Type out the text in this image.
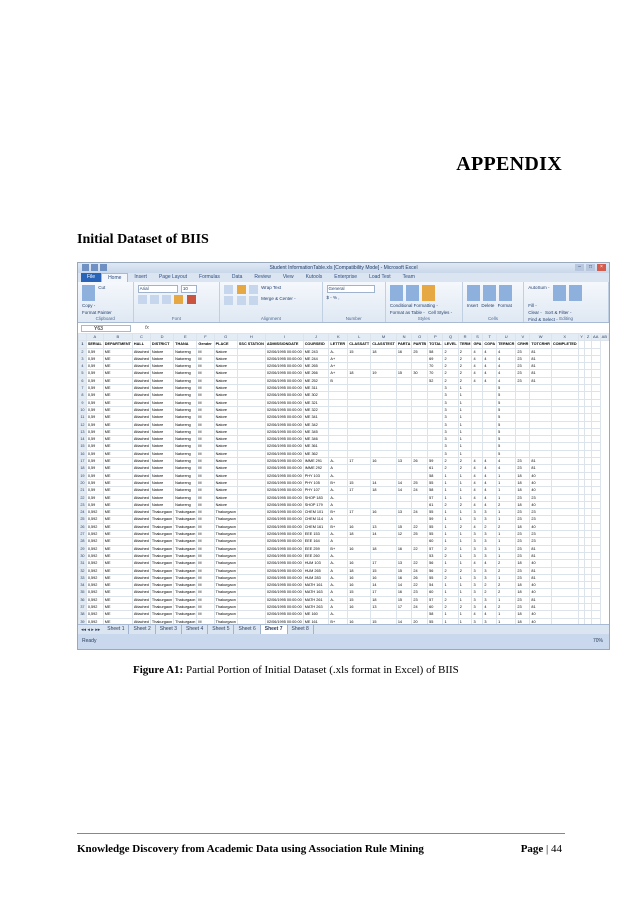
APPENDIX
Initial Dataset of BIIS
Student InformationTable.xls [Compatibility Mode] - Microsoft Excel	–	□	×
File	Home	Insert	Page Layout	Formulas	Data	Review	View	Kutools	Enterprise	Load Test	Team
Cut
Copy -
Format Painter
Clipboard
Arial	10

Font
Wrap Text
Merge & Center -
Alignment
General
$ - % ,
Number

Conditional Formatting - Format as Table - Cell Styles -
Styles

Insert Delete Format
Cells
AutoSum -
Fill -
Clear - Sort & Filter - Find & Select - Editing
Y63	fx
	A	B	C	D	E	F	G	H	I	J	K	L	M	N	O	P	Q	R	S	T	U	V	W	X	Y	Z	AA	AB
1	SERIAL	DEPARTMENT	HALL	DISTRICT	THANA	Gender	PLACE	SSC STATION	ADMISSIONDATE	COURSEID	LETTER	CLASSATT	CLASSTEST	PARTA	PARTB	TOTAL	LEVEL	TERM	GPA	CGPA	TERMCR	CRHR	TOTCRHR	COMPLETED				
2	0,59	ME	Attached	Natore	Natoreng	M	Natore		02/06/1995 00:00:00	ME 243	A-	15	18	16	25	58	2	2	4	4	4	23	81					
3	0,59	ME	Attached	Natore	Natoreng	M	Natore		02/06/1995 00:00:00	ME 244	A+					69	2	2	4	4	4	23	81					
4	0,59	ME	Attached	Natore	Natoreng	M	Natore		02/06/1995 00:00:00	ME 265	A+					70	2	2	4	4	4	23	81					
5	0,59	ME	Attached	Natore	Natoreng	M	Natore		02/06/1995 00:00:00	ME 266	A+	18	19	15	30	70	2	2	4	4	4	23	81					
6	0,59	ME	Attached	Natore	Natoreng	M	Natore		02/06/1995 00:00:00	ME 252	B					52	2	2	4	4	4	23	81					
7	0,59	ME	Attached	Natore	Natoreng	M	Natore		02/06/1995 00:00:00	ME 311							3	1			5							
8	0,59	ME	Attached	Natore	Natoreng	M	Natore		02/06/1995 00:00:00	ME 302							3	1			5							
9	0,59	ME	Attached	Natore	Natoreng	M	Natore		02/06/1995 00:00:00	ME 321							3	1			5							
10	0,59	ME	Attached	Natore	Natoreng	M	Natore		02/06/1995 00:00:00	ME 322							3	1			5							
11	0,59	ME	Attached	Natore	Natoreng	M	Natore		02/06/1995 00:00:00	ME 341							3	1			5							
12	0,59	ME	Attached	Natore	Natoreng	M	Natore		02/06/1995 00:00:00	ME 342							3	1			5							
13	0,59	ME	Attached	Natore	Natoreng	M	Natore		02/06/1995 00:00:00	ME 345							3	1			5							
14	0,59	ME	Attached	Natore	Natoreng	M	Natore		02/06/1995 00:00:00	ME 346							3	1			5							
15	0,59	ME	Attached	Natore	Natoreng	M	Natore		02/06/1995 00:00:00	ME 361							3	1			5							
16	0,59	ME	Attached	Natore	Natoreng	M	Natore		02/06/1995 00:00:00	ME 362							3	1			5							
17	0,59	ME	Attached	Natore	Natoreng	M	Natore		02/06/1995 00:00:00	IMME 291	A-	17	16	13	26	59	2	2	4	4	4	23	81					
18	0,59	ME	Attached	Natore	Natoreng	M	Natore		02/06/1995 00:00:00	IMME 292	A					61	2	2	4	4	4	23	81					
19	0,59	ME	Attached	Natore	Natoreng	M	Natore		02/06/1995 00:00:00	PHY 103	A-					58	1	1	4	4	1	18	40					
20	0,59	ME	Attached	Natore	Natoreng	M	Natore		02/06/1995 00:00:00	PHY 105	B+	15	14	14	25	55	1	1	4	4	1	18	40					
21	0,59	ME	Attached	Natore	Natoreng	M	Natore		02/06/1995 00:00:00	PHY 107	A-	17	18	14	24	58	1	1	4	4	1	18	40					
22	0,59	ME	Attached	Natore	Natoreng	M	Natore		02/06/1995 00:00:00	SHOP 183	A-					57	1	1	4	4	1	23	23					
23	0,59	ME	Attached	Natore	Natoreng	M	Natore		02/06/1995 00:00:00	SHOP 179	A					61	2	2	4	4	2	18	40					
24	0,592	ME	Attached	Thakurgaon	Thakurgaon	M	Thakurgaon		02/06/1995 00:00:00	CHEM 101	B+	17	16	13	24	55	1	1	3	3	1	23	23					
25	0,592	ME	Attached	Thakurgaon	Thakurgaon	M	Thakurgaon		02/06/1995 00:00:00	CHEM 114	A					59	1	1	3	3	1	23	23					
26	0,592	ME	Attached	Thakurgaon	Thakurgaon	M	Thakurgaon		02/06/1995 00:00:00	CHEM 161	B+	16	13	15	22	55	1	2	4	2	2	18	40					
27	0,592	ME	Attached	Thakurgaon	Thakurgaon	M	Thakurgaon		02/06/1995 00:00:00	EEE 153	A-	18	14	12	25	55	1	1	3	3	1	23	23					
28	0,592	ME	Attached	Thakurgaon	Thakurgaon	M	Thakurgaon		02/06/1995 00:00:00	EEE 164	A					60	1	1	3	3	1	23	23					
29	0,592	ME	Attached	Thakurgaon	Thakurgaon	M	Thakurgaon		02/06/1995 00:00:00	EEE 259	B+	16	18	16	22	57	2	1	3	3	1	23	81					
30	0,592	ME	Attached	Thakurgaon	Thakurgaon	M	Thakurgaon		02/06/1995 00:00:00	EEE 260	A-					53	2	1	3	3	1	23	81					
31	0,592	ME	Attached	Thakurgaon	Thakurgaon	M	Thakurgaon		02/06/1995 00:00:00	HUM 103	A-	16	17	13	22	56	1	1	4	4	2	18	40					
32	0,592	ME	Attached	Thakurgaon	Thakurgaon	M	Thakurgaon		02/06/1995 00:00:00	HUM 265	A	18	15	15	24	56	2	2	3	3	2	23	81					
33	0,592	ME	Attached	Thakurgaon	Thakurgaon	M	Thakurgaon		02/06/1995 00:00:00	HUM 283	A-	16	16	16	26	55	2	1	3	3	1	23	81					
34	0,592	ME	Attached	Thakurgaon	Thakurgaon	M	Thakurgaon		02/06/1995 00:00:00	MATH 161	A-	16	14	14	22	54	1	1	3	2	2	18	40					
35	0,592	ME	Attached	Thakurgaon	Thakurgaon	M	Thakurgaon		02/06/1995 00:00:00	MATH 163	A	15	17	16	23	60	1	1	3	2	2	18	40					
36	0,592	ME	Attached	Thakurgaon	Thakurgaon	M	Thakurgaon		02/06/1995 00:00:00	MATH 261	A-	15	18	15	23	57	2	1	3	3	1	23	81					
37	0,592	ME	Attached	Thakurgaon	Thakurgaon	M	Thakurgaon		02/06/1995 00:00:00	MATH 263	A	16	13	17	24	60	2	2	3	4	2	23	81					
38	0,592	ME	Attached	Thakurgaon	Thakurgaon	M	Thakurgaon		02/06/1995 00:00:00	ME 160	A-					58	1	1	4	4	1	18	40					
39	0,592	ME	Attached	Thakurgaon	Thakurgaon	M	Thakurgaon		02/06/1995 00:00:00	ME 161	B+	16	15	14	20	55	1	1	3	3	1	18	40					

◂◂ ◂ ▸ ▸▸	Sheet 1	Sheet 2	Sheet 3	Sheet 4	Sheet 5	Sheet 6	Sheet 7	Sheet 8
Ready	70%
Figure A1: Partial Portion of Initial Dataset (.xls format in Excel) of BIIS
Knowledge Discovery from Academic Data using Association Rule Mining	Page | 44
